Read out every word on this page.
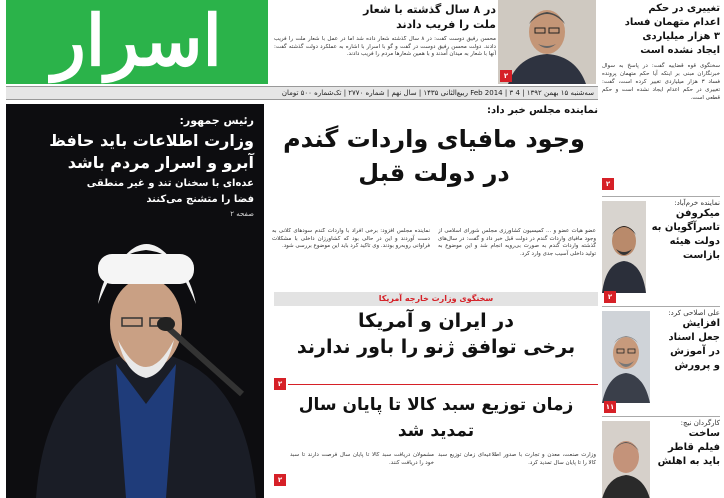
اسرار	در ۸ سال گذشته با شعار
ملت را فریب دادند
محسن رفیق دوست گفت: در ۸ سال گذشته شعار داده شد اما در عمل با شعار ملت را فریب دادند. دولت محسن رفیق دوست در گفت و گو با اسرار با اشاره به عملکرد دولت گذشته گفت: آنها با شعار به میدان آمدند و با همین شعارها مردم را فریب دادند.
۲
تغییری در حکم
اعدام متهمان فساد
۳ هزار میلیاردی
ایجاد نشده است
سخنگوی قوه قضاییه گفت: در پاسخ به سوال خبرنگاران مبنی بر اینکه آیا حکم متهمان پرونده فساد ۳ هزار میلیاردی تغییر کرده است، گفت: تغییری در حکم اعدام ایجاد نشده است و حکم قطعی است.
۲
سه‌شنبه ۱۵ بهمن ۱۳۹۲ | 4 Feb 2014 | ۳ ربیع‌الثانی ۱۴۳۵ | سال نهم | شماره ۲۷۷۰ | تک‌شماره ۵۰۰ تومان
رئیس جمهور:
وزارت اطلاعات باید حافظ
آبرو و اسرار مردم باشد
عده‌ای با سخنان تند و غیر منطقی
فضا را متشنج می‌کنند
صفحه ۲
نماینده مجلس خبر داد:
وجود مافیای واردات گندم
در دولت قبل
عضو هیات عضو و ... کمیسیون کشاورزی مجلس شورای اسلامی از وجود مافیای واردات گندم در دولت قبل خبر داد و گفت: در سال‌های گذشته واردات گندم به صورت بی‌رویه انجام شد و این موضوع به تولید داخلی آسیب جدی وارد کرد.
نماینده مجلس افزود: برخی افراد با واردات گندم سودهای کلانی به دست آوردند و این در حالی بود که کشاورزان داخلی با مشکلات فراوانی روبه‌رو بودند. وی تاکید کرد باید این موضوع بررسی شود.
سخنگوی وزارت خارجه آمریکا
در ایران و آمریکا
برخی توافق ژنو را باور ندارند
۲
زمان توزیع سبد کالا تا پایان سال
تمدید شد
وزارت صنعت، معدن و تجارت با صدور اطلاعیه‌ای زمان توزیع سبد کالا را تا پایان سال تمدید کرد.
مشمولان دریافت سبد کالا تا پایان سال فرصت دارند تا سبد خود را دریافت کنند.
۲
نماینده خرم‌آباد:
میکروفن
تاسرآگویان به
دولت هیئه
بازاست
۲
علی اصلاحی کرد:
افزایش
جعل اسناد
در آموزش
و پرورش
۱۱
کارگردان نیچ:
ساخت
فیلم قاطر
باید به اهلش
